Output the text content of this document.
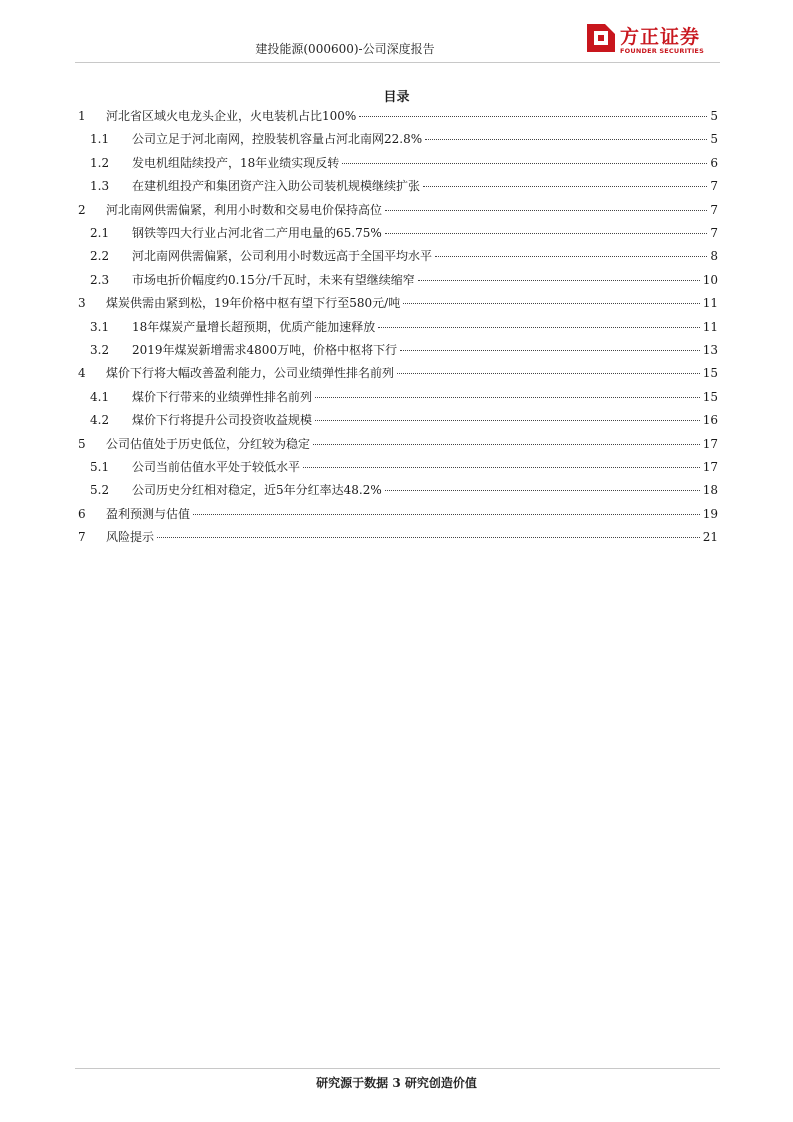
建投能源(000600)-公司深度报告
方正证券
FOUNDER SECURITIES
目录
1	河北省区域火电龙头企业，火电装机占比100%	5
1.1	公司立足于河北南网，控股装机容量占河北南网22.8%	5
1.2	发电机组陆续投产，18年业绩实现反转	6
1.3	在建机组投产和集团资产注入助公司装机规模继续扩张	7
2	河北南网供需偏紧，利用小时数和交易电价保持高位	7
2.1	钢铁等四大行业占河北省二产用电量的65.75%	7
2.2	河北南网供需偏紧，公司利用小时数远高于全国平均水平	8
2.3	市场电折价幅度约0.15分/千瓦时，未来有望继续缩窄	10
3	煤炭供需由紧到松，19年价格中枢有望下行至580元/吨	11
3.1	18年煤炭产量增长超预期，优质产能加速释放	11
3.2	2019年煤炭新增需求4800万吨，价格中枢将下行	13
4	煤价下行将大幅改善盈利能力，公司业绩弹性排名前列	15
4.1	煤价下行带来的业绩弹性排名前列	15
4.2	煤价下行将提升公司投资收益规模	16
5	公司估值处于历史低位，分红较为稳定	17
5.1	公司当前估值水平处于较低水平	17
5.2	公司历史分红相对稳定，近5年分红率达48.2%	18
6	盈利预测与估值	19
7	风险提示	21
研究源于数据 3 研究创造价值
